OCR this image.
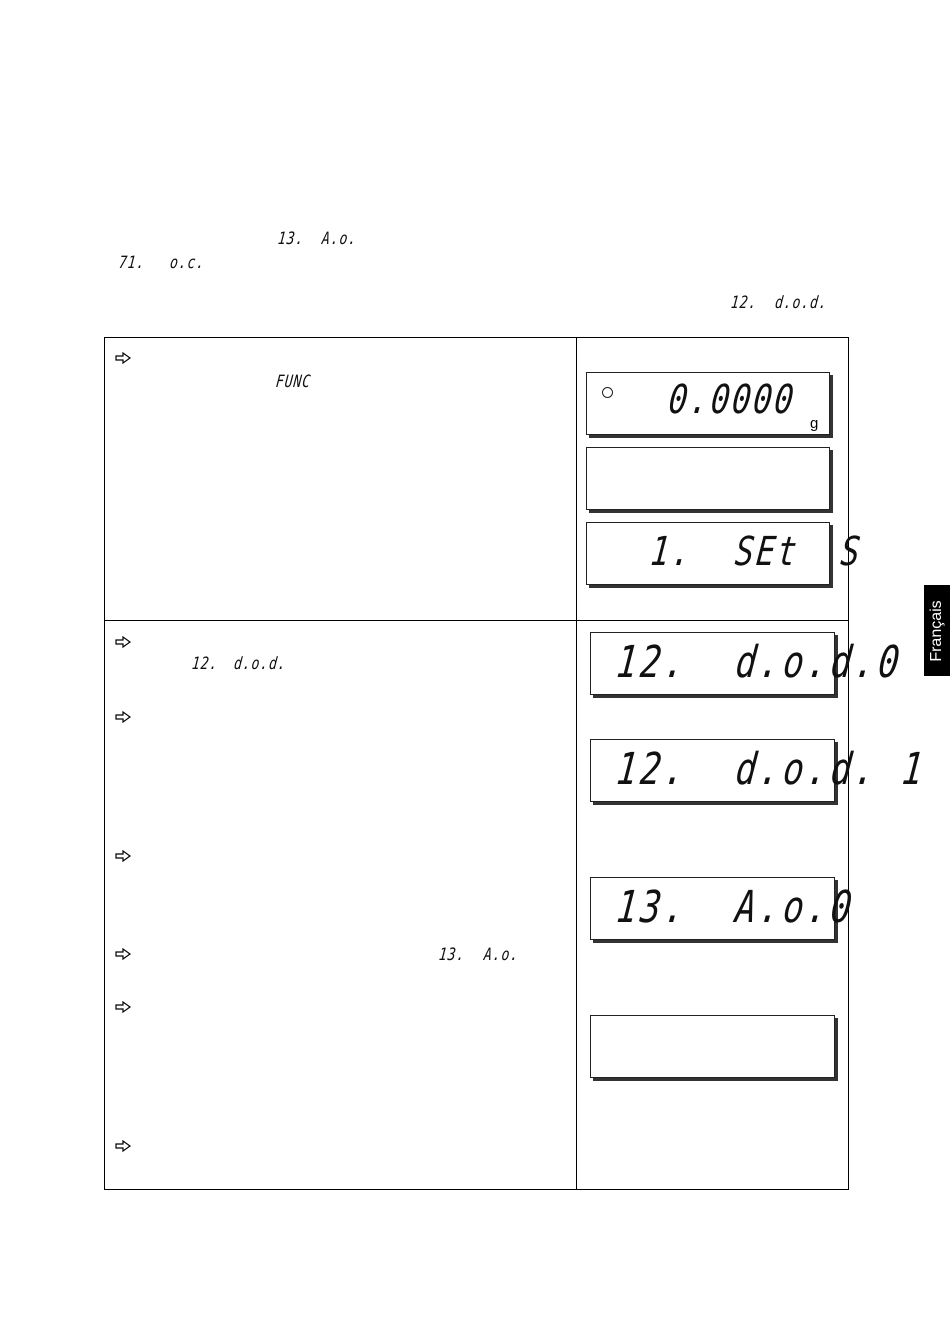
13. A.o.
71. o.c.
12. d.o.d.
FUNC
12. d.o.d.
13. A.o.
0.0000
g
1.  SEt  S
12.  d.o.d.0
12.  d.o.d. 1
13.  A.o.0
Français
